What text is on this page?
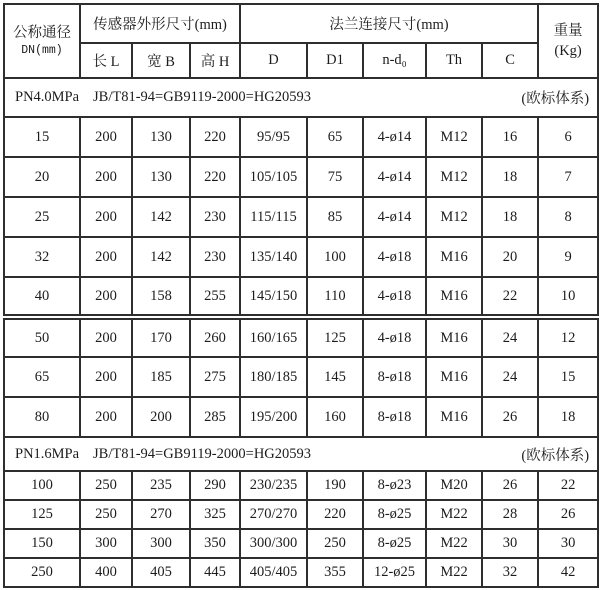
公称通径
DN(mm)
	传感器外形尺寸(mm)	法兰连接尺寸(mm)	重量
(Kg)

	长 L	宽 B	高 H	D	D1	n-d₀	Th	C	

PN4.0MPa JB/T81-94=GB9119-2000=HG20593 (欧标体系)									

15	200	130	220	95/95	65	4-ø14	M12	16	6
20	200	130	220	105/105	75	4-ø14	M12	18	7
25	200	142	230	115/115	85	4-ø14	M12	18	8
32	200	142	230	135/140	100	4-ø18	M16	20	9
40	200	158	255	145/150	110	4-ø18	M16	22	10
50	200	170	260	160/165	125	4-ø18	M16	24	12
65	200	185	275	180/185	145	8-ø18	M16	24	15
80	200	200	285	195/200	160	8-ø18	M16	26	18

PN1.6MPa JB/T81-94=GB9119-2000=HG20593 (欧标体系)									

100	250	235	290	230/235	190	8-ø23	M20	26	22
125	250	270	325	270/270	220	8-ø25	M22	28	26
150	300	300	350	300/300	250	8-ø25	M22	30	30
250	400	405	445	405/405	355	12-ø25	M22	32	42
